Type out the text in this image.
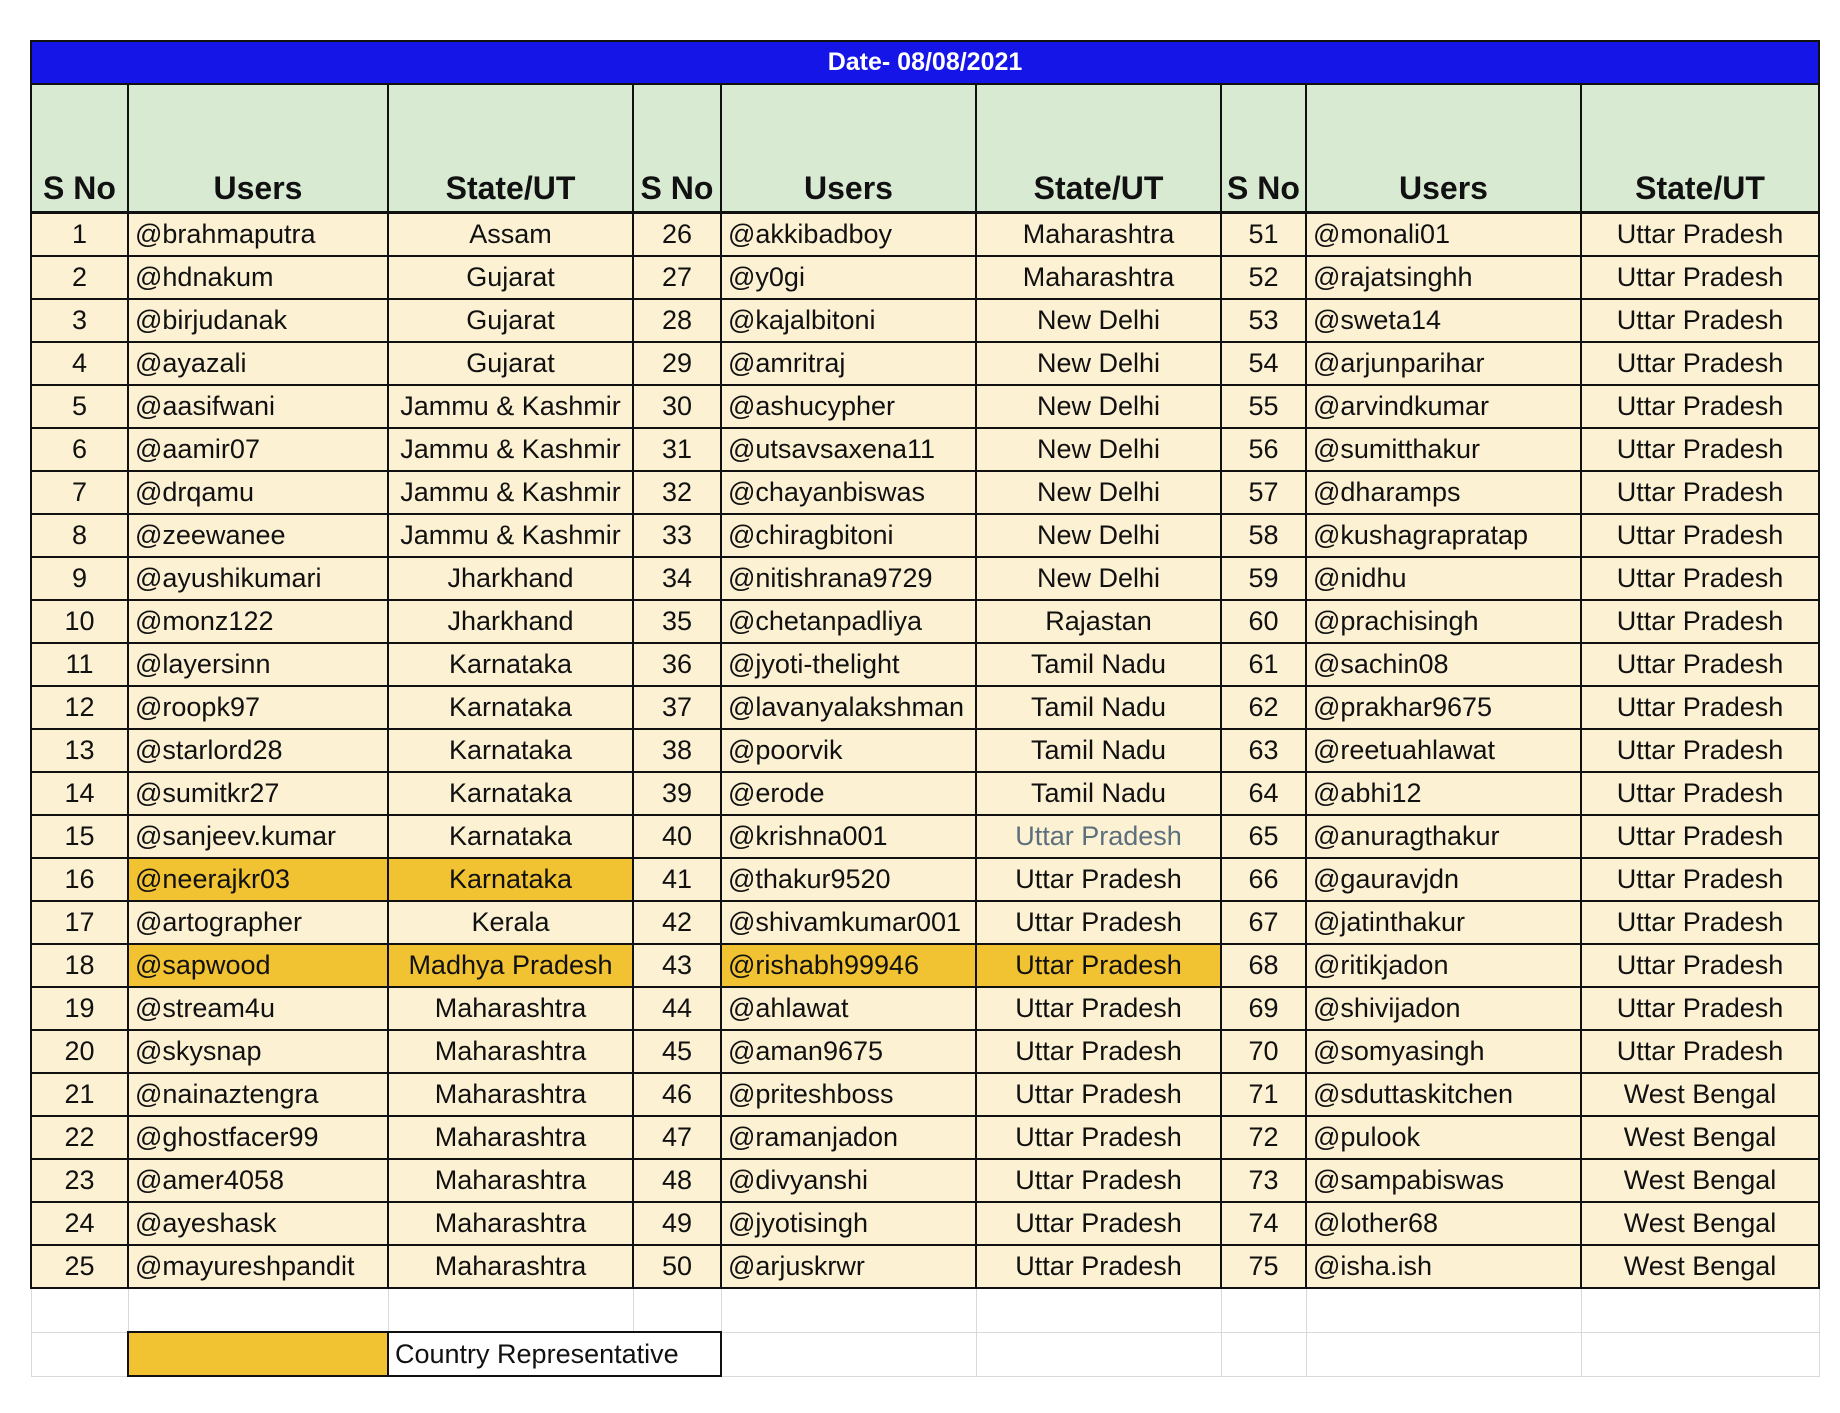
Date- 08/08/2021								
S No	Users	State/UT	S No	Users	State/UT	S No	Users	State/UT
1	@brahmaputra	Assam	26	@akkibadboy	Maharashtra	51	@monali01	Uttar Pradesh
2	@hdnakum	Gujarat	27	@y0gi	Maharashtra	52	@rajatsinghh	Uttar Pradesh
3	@birjudanak	Gujarat	28	@kajalbitoni	New Delhi	53	@sweta14	Uttar Pradesh
4	@ayazali	Gujarat	29	@amritraj	New Delhi	54	@arjunparihar	Uttar Pradesh
5	@aasifwani	Jammu & Kashmir	30	@ashucypher	New Delhi	55	@arvindkumar	Uttar Pradesh
6	@aamir07	Jammu & Kashmir	31	@utsavsaxena11	New Delhi	56	@sumitthakur	Uttar Pradesh
7	@drqamu	Jammu & Kashmir	32	@chayanbiswas	New Delhi	57	@dharamps	Uttar Pradesh
8	@zeewanee	Jammu & Kashmir	33	@chiragbitoni	New Delhi	58	@kushagrapratap	Uttar Pradesh
9	@ayushikumari	Jharkhand	34	@nitishrana9729	New Delhi	59	@nidhu	Uttar Pradesh
10	@monz122	Jharkhand	35	@chetanpadliya	Rajastan	60	@prachisingh	Uttar Pradesh
11	@layersinn	Karnataka	36	@jyoti-thelight	Tamil Nadu	61	@sachin08	Uttar Pradesh
12	@roopk97	Karnataka	37	@lavanyalakshman	Tamil Nadu	62	@prakhar9675	Uttar Pradesh
13	@starlord28	Karnataka	38	@poorvik	Tamil Nadu	63	@reetuahlawat	Uttar Pradesh
14	@sumitkr27	Karnataka	39	@erode	Tamil Nadu	64	@abhi12	Uttar Pradesh
15	@sanjeev.kumar	Karnataka	40	@krishna001	Uttar Pradesh	65	@anuragthakur	Uttar Pradesh
16	@neerajkr03	Karnataka	41	@thakur9520	Uttar Pradesh	66	@gauravjdn	Uttar Pradesh
17	@artographer	Kerala	42	@shivamkumar001	Uttar Pradesh	67	@jatinthakur	Uttar Pradesh
18	@sapwood	Madhya Pradesh	43	@rishabh99946	Uttar Pradesh	68	@ritikjadon	Uttar Pradesh
19	@stream4u	Maharashtra	44	@ahlawat	Uttar Pradesh	69	@shivijadon	Uttar Pradesh
20	@skysnap	Maharashtra	45	@aman9675	Uttar Pradesh	70	@somyasingh	Uttar Pradesh
21	@nainaztengra	Maharashtra	46	@priteshboss	Uttar Pradesh	71	@sduttaskitchen	West Bengal
22	@ghostfacer99	Maharashtra	47	@ramanjadon	Uttar Pradesh	72	@pulook	West Bengal
23	@amer4058	Maharashtra	48	@divyanshi	Uttar Pradesh	73	@sampabiswas	West Bengal
24	@ayeshask	Maharashtra	49	@jyotisingh	Uttar Pradesh	74	@lother68	West Bengal
25	@mayureshpandit	Maharashtra	50	@arjuskrwr	Uttar Pradesh	75	@isha.ish	West Bengal

		Country Representative						
